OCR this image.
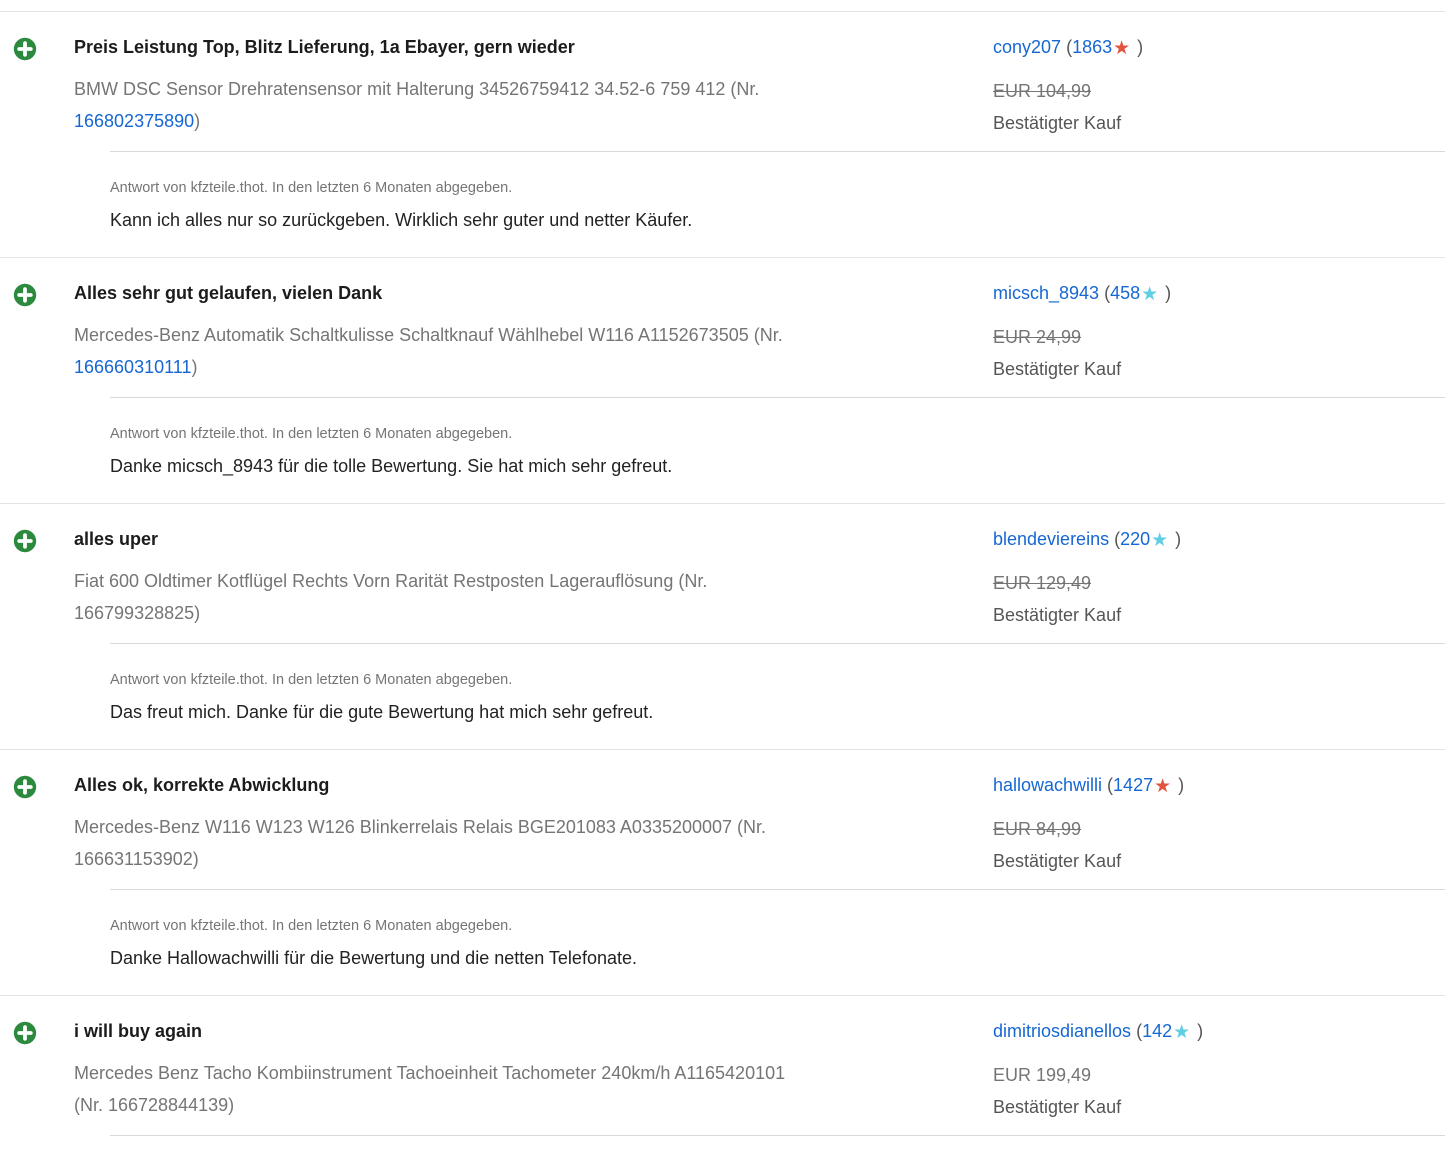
Preis Leistung Top, Blitz Lieferung, 1a Ebayer, gern wieder
BMW DSC Sensor Drehratensensor mit Halterung 34526759412 34.52-6 759 412 (Nr.
166802375890)
cony207 (1863★ )
EUR 104,99
Bestätigter Kauf

Antwort von kfzteile.thot. In den letzten 6 Monaten abgegeben.

Kann ich alles nur so zurückgeben. Wirklich sehr guter und netter Käufer.

Alles sehr gut gelaufen, vielen Dank
Mercedes-Benz Automatik Schaltkulisse Schaltknauf Wählhebel W116 A1152673505 (Nr.
166660310111)
micsch_8943 (458★ )
EUR 24,99
Bestätigter Kauf

Antwort von kfzteile.thot. In den letzten 6 Monaten abgegeben.

Danke micsch_8943 für die tolle Bewertung. Sie hat mich sehr gefreut.

alles uper
Fiat 600 Oldtimer Kotflügel Rechts Vorn Rarität Restposten Lagerauflösung (Nr.
166799328825)
blendeviereins (220★ )
EUR 129,49
Bestätigter Kauf

Antwort von kfzteile.thot. In den letzten 6 Monaten abgegeben.

Das freut mich. Danke für die gute Bewertung hat mich sehr gefreut.

Alles ok, korrekte Abwicklung
Mercedes-Benz W116 W123 W126 Blinkerrelais Relais BGE201083 A0335200007 (Nr.
166631153902)
hallowachwilli (1427★ )
EUR 84,99
Bestätigter Kauf

Antwort von kfzteile.thot. In den letzten 6 Monaten abgegeben.

Danke Hallowachwilli für die Bewertung und die netten Telefonate.

i will buy again
Mercedes Benz Tacho Kombiinstrument Tachoeinheit Tachometer 240km/h A1165420101
(Nr. 166728844139)
dimitriosdianellos (142★ )
EUR 199,49
Bestätigter Kauf
